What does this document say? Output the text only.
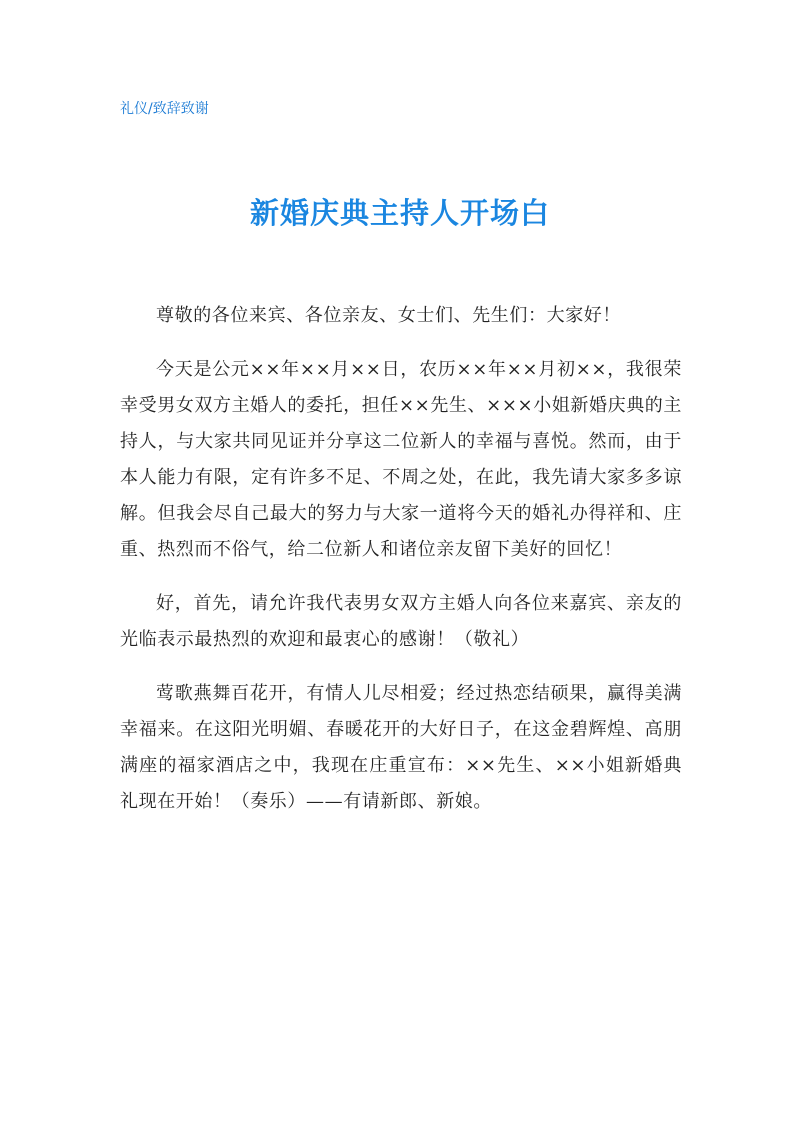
礼仪/致辞致谢
新婚庆典主持人开场白

尊敬的各位来宾、各位亲友、女士们、先生们：大家好！

今天是公元××年××月××日，农历××年××月初××，我很荣幸受男女双方主婚人的委托，担任××先生、×××小姐新婚庆典的主持人，与大家共同见证并分享这二位新人的幸福与喜悦。然而，由于本人能力有限，定有许多不足、不周之处，在此，我先请大家多多谅解。但我会尽自己最大的努力与大家一道将今天的婚礼办得祥和、庄重、热烈而不俗气，给二位新人和诸位亲友留下美好的回忆！

好，首先，请允许我代表男女双方主婚人向各位来嘉宾、亲友的光临表示最热烈的欢迎和最衷心的感谢！（敬礼）

莺歌燕舞百花开，有情人儿尽相爱；经过热恋结硕果，赢得美满幸福来。在这阳光明媚、春暖花开的大好日子，在这金碧辉煌、高朋满座的福家酒店之中，我现在庄重宣布：××先生、××小姐新婚典礼现在开始！（奏乐）——有请新郎、新娘。
